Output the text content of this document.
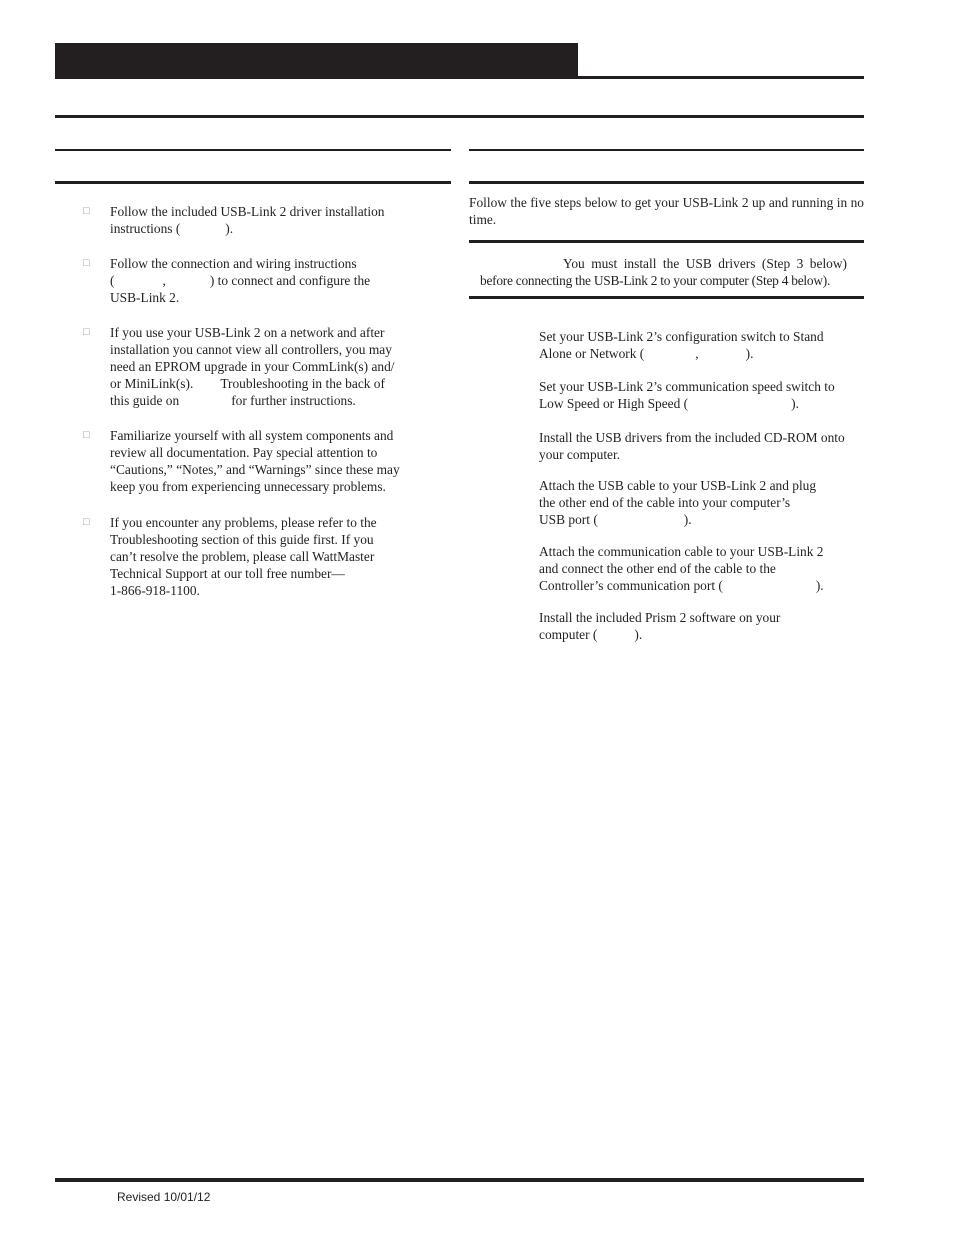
□ Follow the included USB-Link 2 driver installation
instructions (	).
□ Follow the connection and wiring instructions
(	,	) to connect and configure the
USB-Link 2.
□ If you use your USB-Link 2 on a network and after
installation you cannot view all controllers, you may
need an EPROM upgrade in your CommLink(s) and/
or MiniLink(s). Troubleshooting in the back of
this guide on	for further instructions.
□ Familiarize yourself with all system components and
review all documentation. Pay special attention to
“Cautions,” “Notes,” and “Warnings” since these may
keep you from experiencing unnecessary problems.
□ If you encounter any problems, please refer to the
Troubleshooting section of this guide first. If you
can’t resolve the problem, please call WattMaster
Technical Support at our toll free number—
1-866-918-1100.

Follow the five steps below to get your USB-Link 2 up and running in no time.

You must install the USB drivers (Step 3 below)
before connecting the USB-Link 2 to your computer (Step 4 below).
Set your USB-Link 2’s configuration switch to Stand
Alone or Network (	,	).
Set your USB-Link 2’s communication speed switch to
Low Speed or High Speed (	).
Install the USB drivers from the included CD-ROM onto
your computer.
Attach the USB cable to your USB-Link 2 and plug
the other end of the cable into your computer’s
USB port (	).
Attach the communication cable to your USB-Link 2
and connect the other end of the cable to the
Controller’s communication port (	).
Install the included Prism 2 software on your
computer (	).
Revised 10/01/12
